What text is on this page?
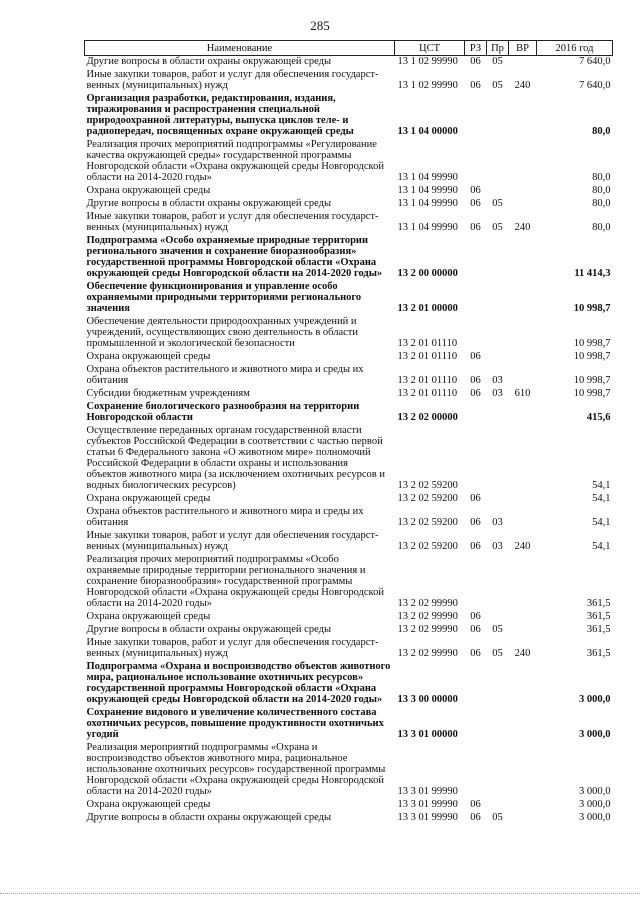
285
Наименование	ЦСТ	РЗ	Пр	ВР	2016 год
Другие вопросы в области охраны окружающей среды	13 1 02 99990	06	05		7 640,0
Иные закупки товаров, работ и услуг для обеспечения государст-венных (муниципальных) нужд	13 1 02 99990	06	05	240	7 640,0
Организация разработки, редактирования, издания, тиражирования и распространения специальной природоохранной литературы, выпуска циклов теле- и радиопередач, посвященных охране окружающей среды	13 1 04 00000				80,0
Реализация прочих мероприятий подпрограммы «Регулирование качества окружающей среды» государственной программы Новгородской области «Охрана окружающей среды Новгородской области на 2014-2020 годы»	13 1 04 99990				80,0
Охрана окружающей среды	13 1 04 99990	06			80,0
Другие вопросы в области охраны окружающей среды	13 1 04 99990	06	05		80,0
Иные закупки товаров, работ и услуг для обеспечения государст-венных (муниципальных) нужд	13 1 04 99990	06	05	240	80,0
Подпрограмма «Особо охраняемые природные территории регионального значения и сохранение биоразнообразия» государственной программы Новгородской области «Охрана окружающей среды Новгородской области на 2014-2020 годы»	13 2 00 00000				11 414,3
Обеспечение функционирования и управление особо охраняемыми природными территориями регионального значения	13 2 01 00000				10 998,7
Обеспечение деятельности природоохранных учреждений и учреждений, осуществляющих свою деятельность в области промышленной и экологической безопасности	13 2 01 01110				10 998,7
Охрана окружающей среды	13 2 01 01110	06			10 998,7
Охрана объектов растительного и животного мира и среды их обитания	13 2 01 01110	06	03		10 998,7
Субсидии бюджетным учреждениям	13 2 01 01110	06	03	610	10 998,7
Сохранение биологического разнообразия на территории Новгородской области	13 2 02 00000				415,6
Осуществление переданных органам государственной власти субъектов Российской Федерации в соответствии с частью первой статьи 6 Федерального закона «О животном мире» полномочий Российской Федерации в области охраны и использования объектов животного мира (за исключением охотничьих ресурсов и водных биологических ресурсов)	13 2 02 59200				54,1
Охрана окружающей среды	13 2 02 59200	06			54,1
Охрана объектов растительного и животного мира и среды их обитания	13 2 02 59200	06	03		54,1
Иные закупки товаров, работ и услуг для обеспечения государст-венных (муниципальных) нужд	13 2 02 59200	06	03	240	54,1
Реализация прочих мероприятий подпрограммы «Особо охраняемые природные территории регионального значения и сохранение биоразнообразия» государственной программы Новгородской области «Охрана окружающей среды Новгородской области на 2014-2020 годы»	13 2 02 99990				361,5
Охрана окружающей среды	13 2 02 99990	06			361,5
Другие вопросы в области охраны окружающей среды	13 2 02 99990	06	05		361,5
Иные закупки товаров, работ и услуг для обеспечения государст-венных (муниципальных) нужд	13 2 02 99990	06	05	240	361,5
Подпрограмма «Охрана и воспроизводство объектов животного мира, рациональное использование охотничьих ресурсов» государственной программы Новгородской области «Охрана окружающей среды Новгородской области на 2014-2020 годы»	13 3 00 00000				3 000,0
Сохранение видового и увеличение количественного состава охотничьих ресурсов, повышение продуктивности охотничьих угодий	13 3 01 00000				3 000,0
Реализация мероприятий подпрограммы «Охрана и воспроизводство объектов животного мира, рациональное использование охотничьих ресурсов» государственной программы Новгородской области «Охрана окружающей среды Новгородской области на 2014-2020 годы»	13 3 01 99990				3 000,0
Охрана окружающей среды	13 3 01 99990	06			3 000,0
Другие вопросы в области охраны окружающей среды	13 3 01 99990	06	05		3 000,0
